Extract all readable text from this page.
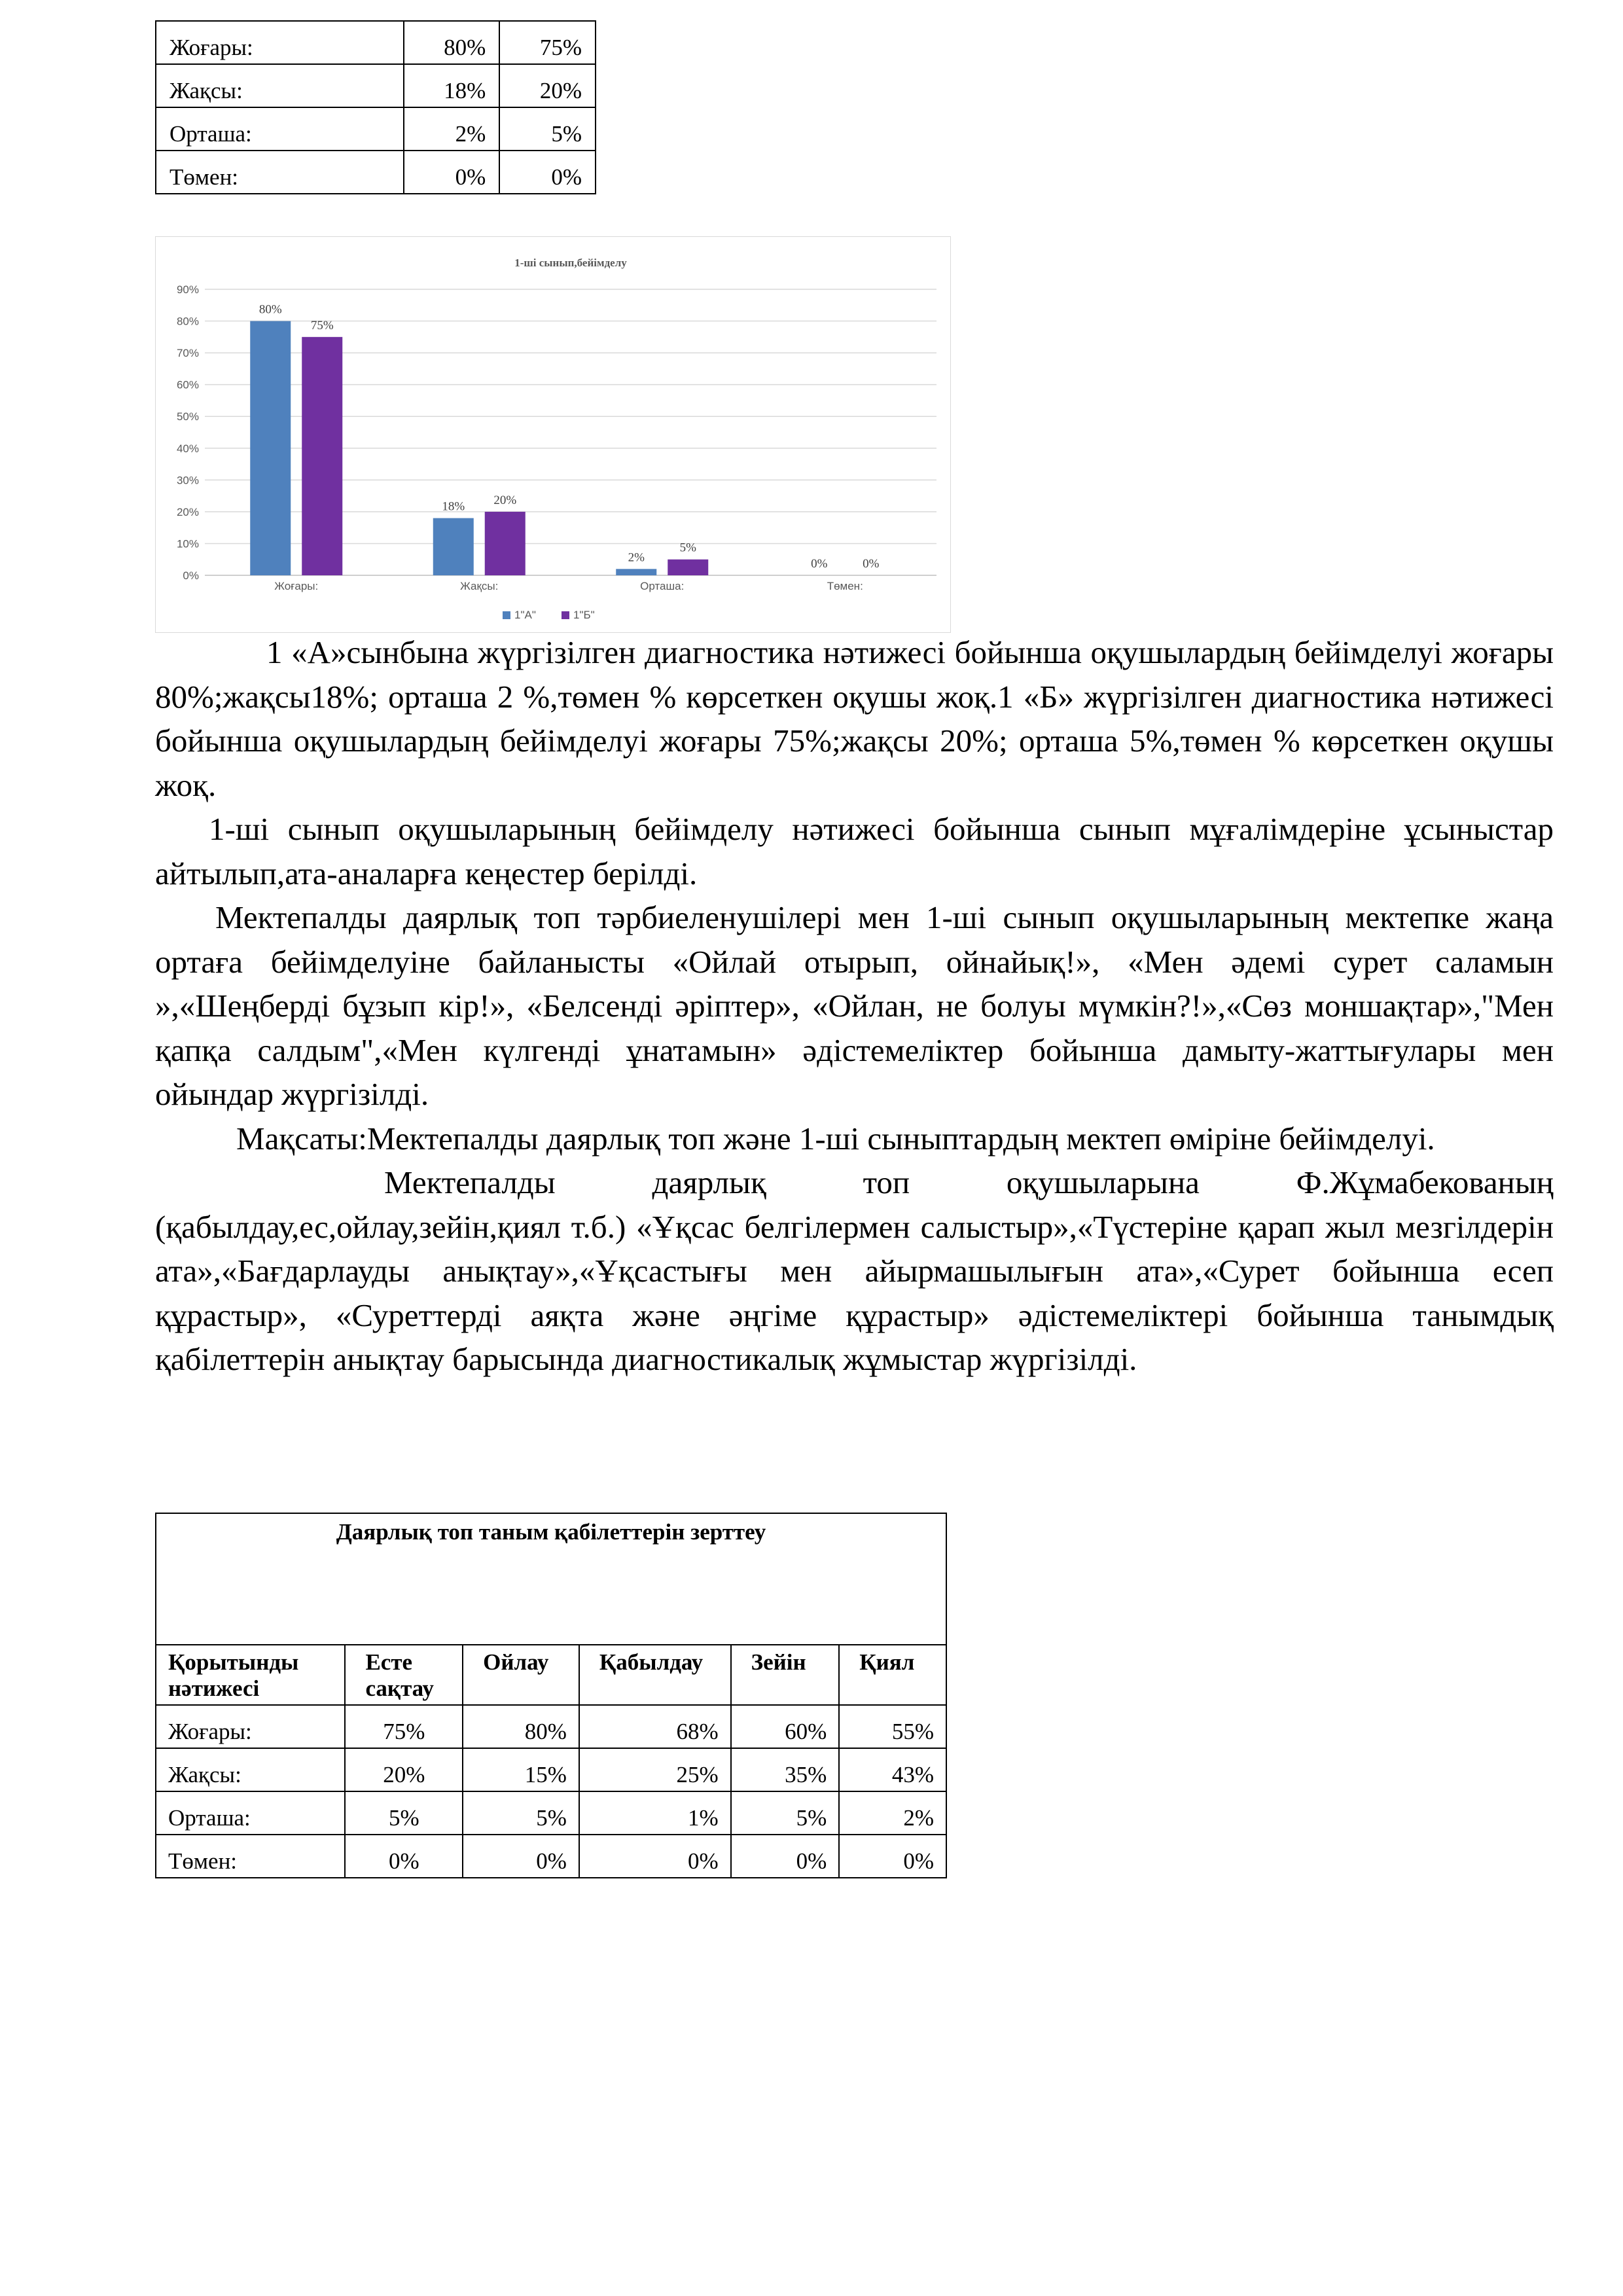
Жоғары:	80%	75%
Жақсы:	18%	20%
Орташа:	2%	5%
Төмен:	0%	0%
1-ші сынып,бейімделу
0%
10%
20%
30%
40%
50%
60%
70%
80%
90%
Жоғары:
80%
75%
Жақсы:
18% 20%
Орташа:
2%
5%
Төмен:
0%	0%
1"А"	1"Б"

1 «А»сынбына жүргізілген диагностика нәтижесі бойынша оқушылардың бейімделуі жоғары 80%;жақсы18%; орташа 2 %,төмен % көрсеткен оқушы жоқ.1 «Б» жүргізілген диагностика нәтижесі бойынша оқушылардың бейімделуі жоғары 75%;жақсы 20%; орташа 5%,төмен % көрсеткен оқушы жоқ.

1-ші сынып оқушыларының бейімделу нәтижесі бойынша сынып мұғалімдеріне ұсыныстар айтылып,ата-аналарға кеңестер берілді.

Мектепалды даярлық топ тәрбиеленушілері мен 1-ші сынып оқушыларының мектепке жаңа ортаға бейімделуіне байланысты «Ойлай отырып, ойнайық!», «Мен әдемі сурет саламын »,«Шеңберді бұзып кір!», «Белсенді әріптер», «Ойлан, не болуы мүмкін?!»,«Сөз моншақтар»,"Мен қапқа салдым",«Мен күлгенді ұнатамын» әдістемеліктер бойынша дамыту-жаттығулары мен ойындар жүргізілді.

Мақсаты:Мектепалды даярлық топ және 1-ші сыныптардың мектеп өміріне бейімделуі.

Мектепалды даярлық топ оқушыларына Ф.Жұмабекованың (қабылдау,ес,ойлау,зейін,қиял т.б.) «Ұқсас белгілермен салыстыр»,«Түстеріне қарап жыл мезгілдерін ата»,«Бағдарлауды анықтау»,«Ұқсастығы мен айырмашылығын ата»,«Сурет бойынша есеп құрастыр», «Суреттерді аяқта және әңгіме құрастыр» әдістемеліктері бойынша танымдық қабілеттерін анықтау барысында диагностикалық жұмыстар жүргізілді.

Даярлық топ таным қабілеттерін зерттеу					
Қорытынды нәтижесі	Есте сақтау	Ойлау	Қабылдау	Зейін	Қиял
Жоғары:	75%	80%	68%	60%	55%
Жақсы:	20%	15%	25%	35%	43%
Орташа:	5%	5%	1%	5%	2%
Төмен:	0%	0%	0%	0%	0%
